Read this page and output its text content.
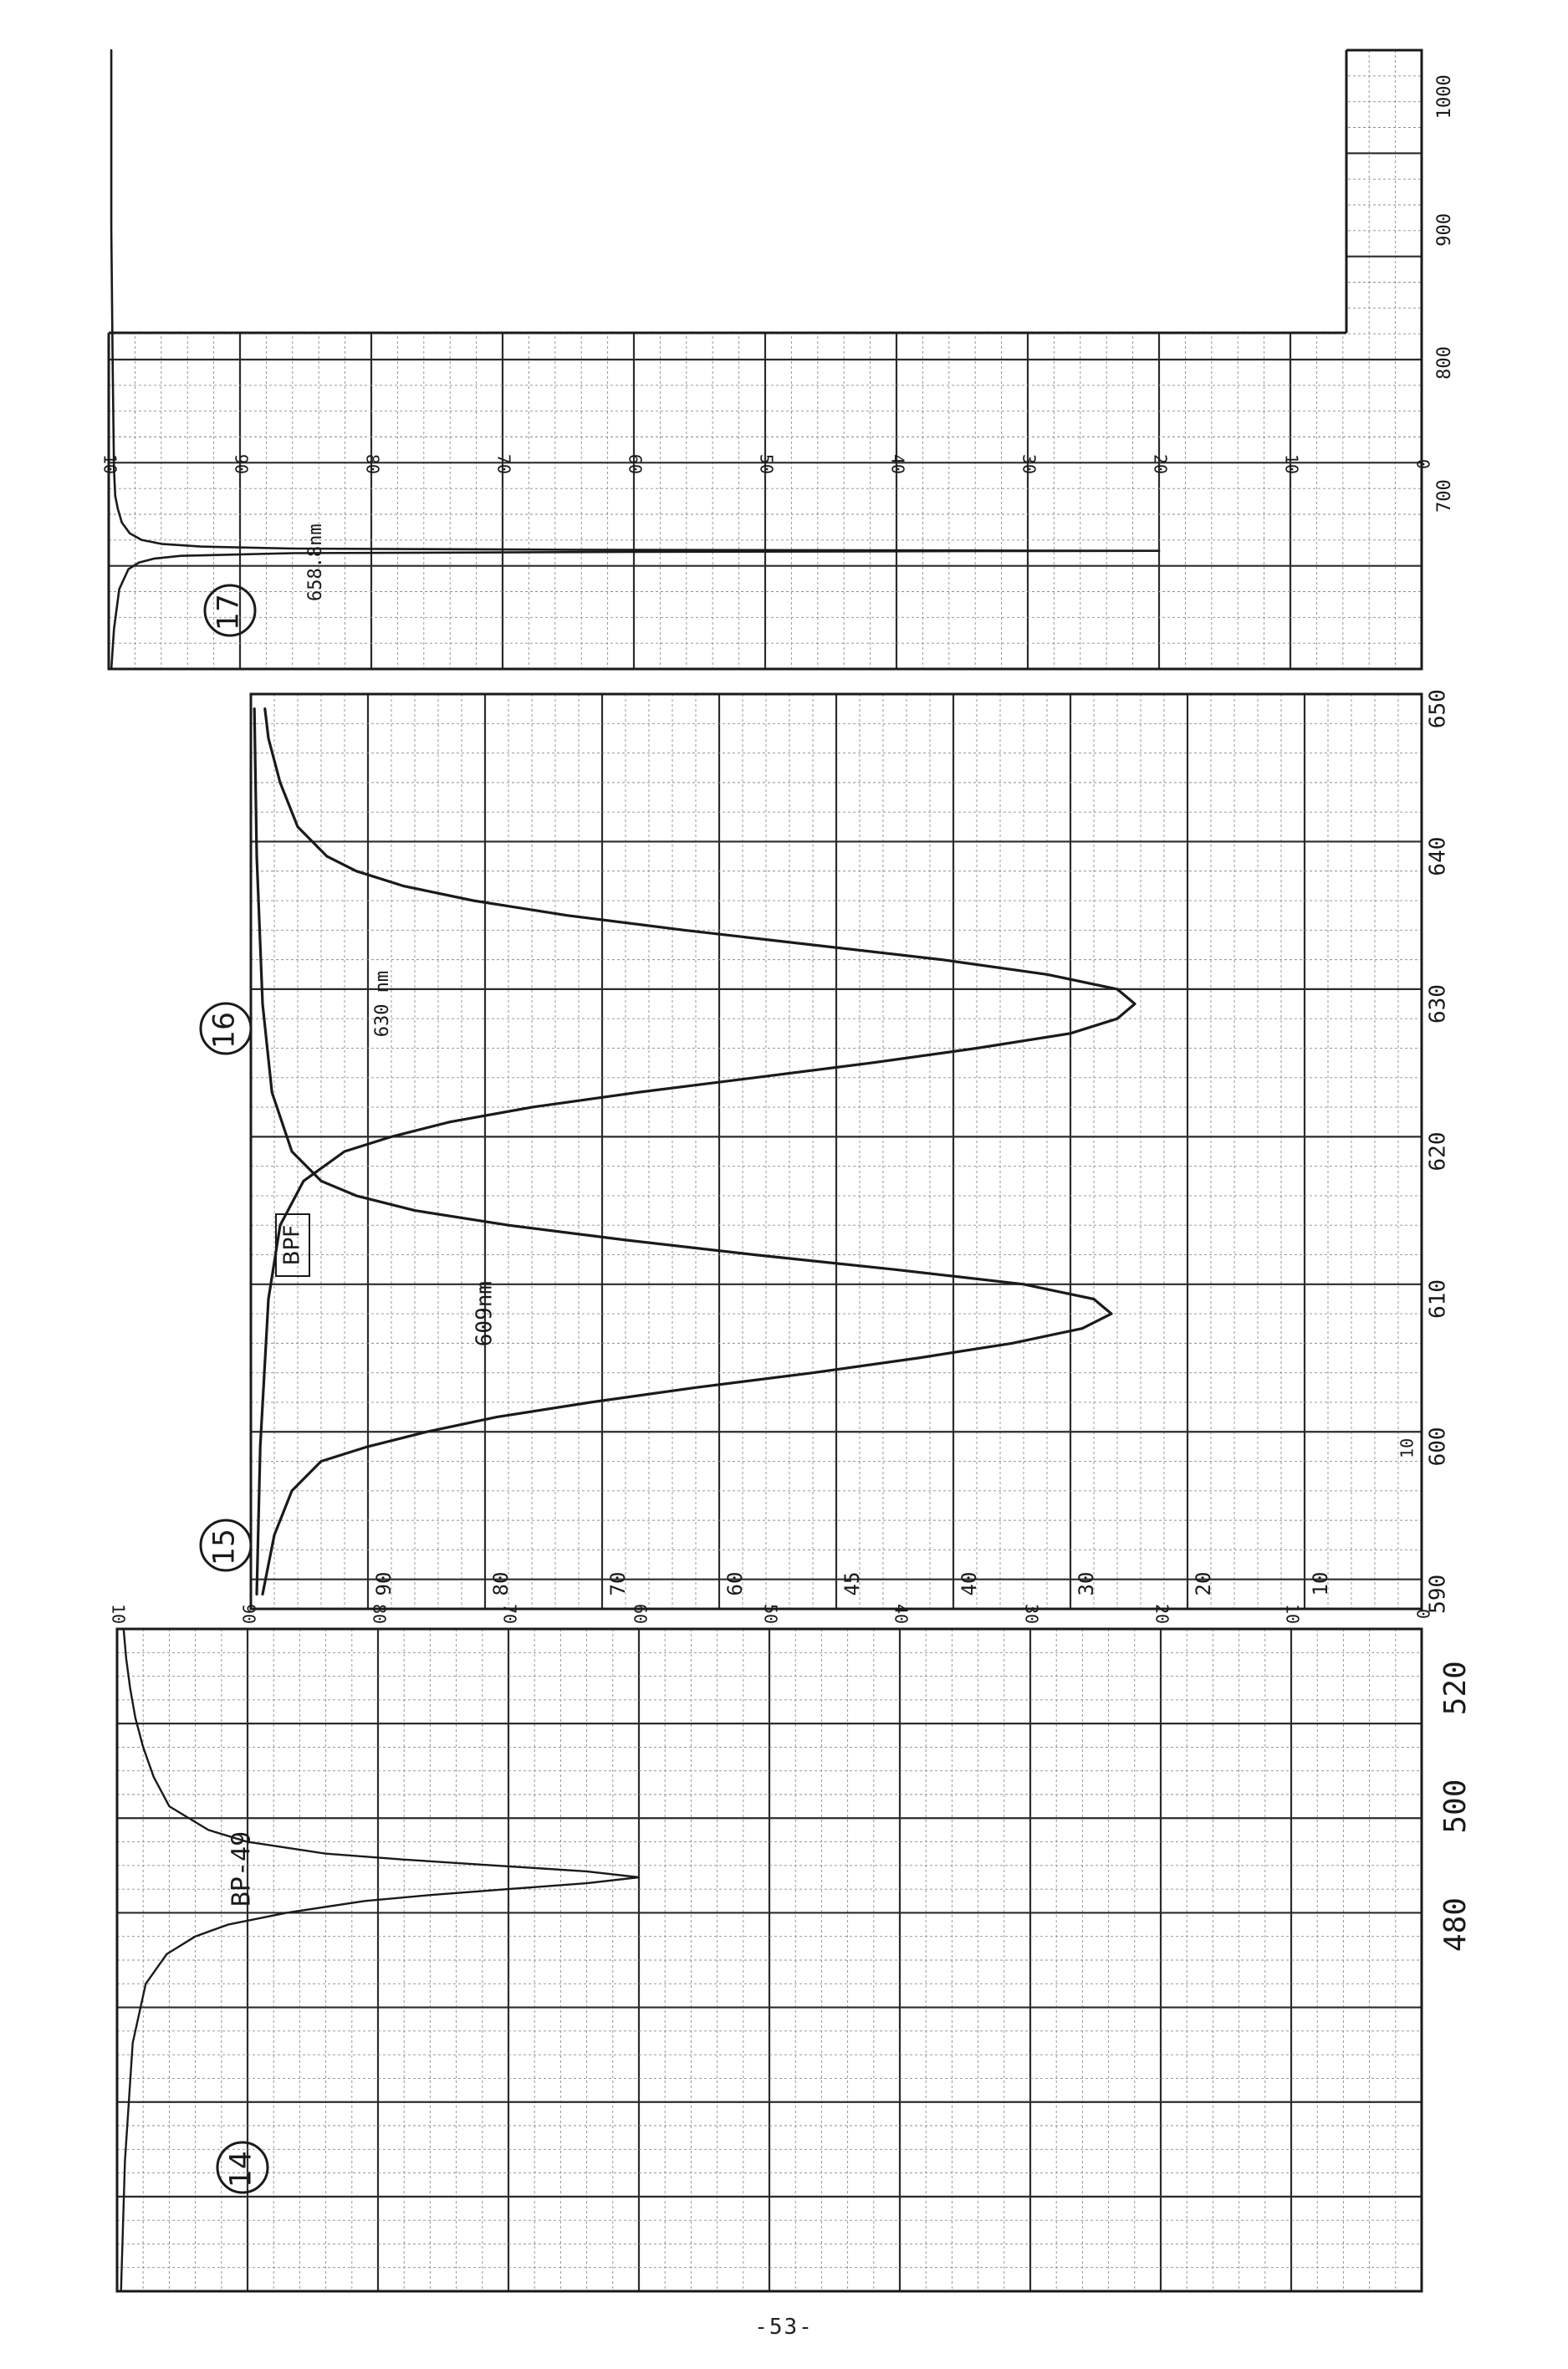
0
10
20
30
40
50
60
70
80
90
10
480
500
520
BP-49
14
10
20
30
40
45
60
70
80
90	590
600
610
620
630
640
650
10
609nm
630 nm
BPF
16
15
0
10
20
30
40
50
60
70
80
90
10
700
800
900
1000
658.8nm
17
-53-
